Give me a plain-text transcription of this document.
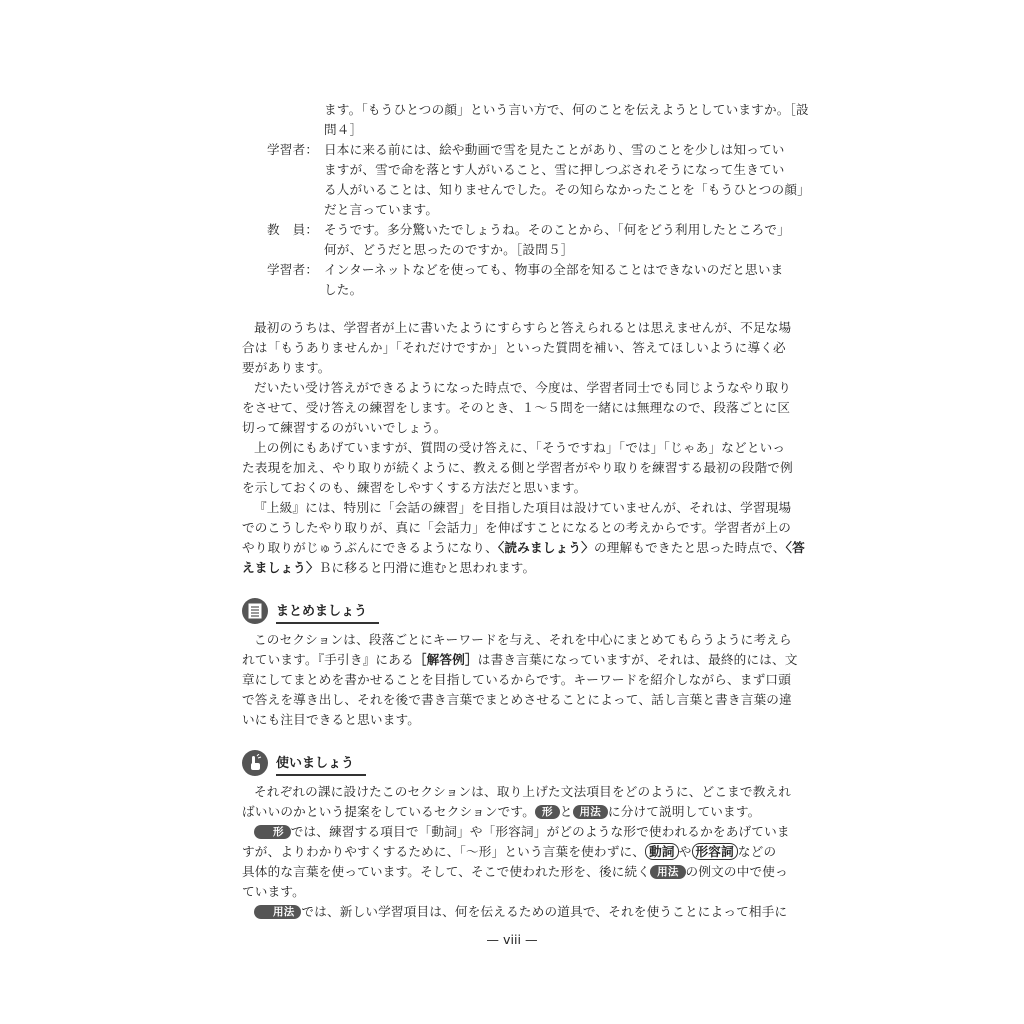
ます。「もうひとつの顔」という言い方で、何のことを伝えようとしていますか。［設
問４］
学習者： 日本に来る前には、絵や動画で雪を見たことがあり、雪のことを少しは知ってい
ますが、雪で命を落とす人がいること、雪に押しつぶされそうになって生きてい
る人がいることは、知りませんでした。その知らなかったことを「もうひとつの顔」
だと言っています。
教　員： そうです。多分驚いたでしょうね。そのことから、「何をどう利用したところで」
何が、どうだと思ったのですか。［設問５］
学習者： インターネットなどを使っても、物事の全部を知ることはできないのだと思いま
した。
最初のうちは、学習者が上に書いたようにすらすらと答えられるとは思えませんが、不足な場
合は「もうありませんか」「それだけですか」といった質問を補い、答えてほしいように導く必
要があります。
だいたい受け答えができるようになった時点で、今度は、学習者同士でも同じようなやり取り
をさせて、受け答えの練習をします。そのとき、１～５問を一緒には無理なので、段落ごとに区
切って練習するのがいいでしょう。
上の例にもあげていますが、質問の受け答えに、「そうですね」「では」「じゃあ」などといっ
た表現を加え、やり取りが続くように、教える側と学習者がやり取りを練習する最初の段階で例
を示しておくのも、練習をしやすくする方法だと思います。
『上級』には、特別に「会話の練習」を目指した項目は設けていませんが、それは、学習現場
でのこうしたやり取りが、真に「会話力」を伸ばすことになるとの考えからです。学習者が上の
やり取りがじゅうぶんにできるようになり、〈読みましょう〉の理解もできたと思った時点で、〈答
えましょう〉Ｂに移ると円滑に進むと思われます。
まとめましょう
このセクションは、段落ごとにキーワードを与え、それを中心にまとめてもらうように考えら
れています。『手引き』にある［解答例］は書き言葉になっていますが、それは、最終的には、文
章にしてまとめを書かせることを目指しているからです。キーワードを紹介しながら、まず口頭
で答えを導き出し、それを後で書き言葉でまとめさせることによって、話し言葉と書き言葉の違
いにも注目できると思います。
使いましょう
それぞれの課に設けたこのセクションは、取り上げた文法項目をどのように、どこまで教えれ
ばいいのかという提案をしているセクションです。 形 と 用法 に分けて説明しています。
形 では、練習する項目で「動詞」や「形容詞」がどのような形で使われるかをあげていま
すが、よりわかりやすくするために、「～形」という言葉を使わずに、 動詞 や 形容詞 などの
具体的な言葉を使っています。そして、そこで使われた形を、後に続く 用法 の例文の中で使っ
ています。
用法 では、新しい学習項目は、何を伝えるための道具で、それを使うことによって相手に
— viii —
